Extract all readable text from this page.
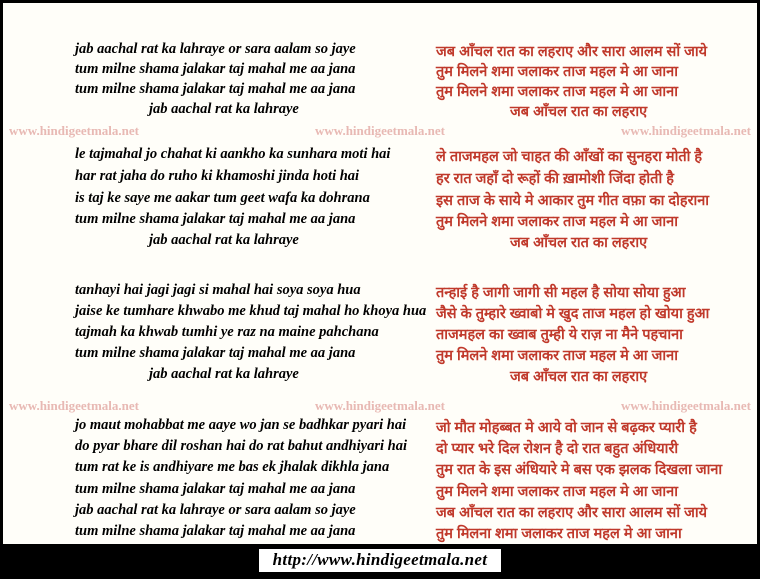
jab aachal rat ka lahraye or sara aalam so jaye
tum milne shama jalakar taj mahal me aa jana
tum milne shama jalakar taj mahal me aa jana
jab aachal rat ka lahraye
le tajmahal jo chahat ki aankho ka sunhara moti hai
har rat jaha do ruho ki khamoshi jinda hoti hai
is taj ke saye me aakar tum geet wafa ka dohrana
tum milne shama jalakar taj mahal me aa jana
jab aachal rat ka lahraye
tanhayi hai jagi jagi si mahal hai soya soya hua
jaise ke tumhare khwabo me khud taj mahal ho khoya hua
tajmah ka khwab tumhi ye raz na maine pahchana
tum milne shama jalakar taj mahal me aa jana
jab aachal rat ka lahraye
jo maut mohabbat me aaye wo jan se badhkar pyari hai
do pyar bhare dil roshan hai do rat bahut andhiyari hai
tum rat ke is andhiyare me bas ek jhalak dikhla jana
tum milne shama jalakar taj mahal me aa jana
jab aachal rat ka lahraye or sara aalam so jaye
tum milne shama jalakar taj mahal me aa jana
जब आँचल रात का लहराए और सारा आलम सों जाये
तुम मिलने शमा जलाकर ताज महल मे आ जाना
तुम मिलने शमा जलाकर ताज महल मे आ जाना
जब आँचल रात का लहराए
ले ताजमहल जो चाहत की आँखों का सुनहरा मोती है
हर रात जहाँ दो रूहों की ख़ामोशी जिंदा होती है
इस ताज के साये मे आकार तुम गीत वफ़ा का दोहराना
तुम मिलने शमा जलाकर ताज महल मे आ जाना
जब आँचल रात का लहराए
तन्हाई है जागी जागी सी महल है सोया सोया हुआ
जैसे के तुम्हारे ख्वाबो मे खुद ताज महल हो खोया हुआ
ताजमहल का ख्वाब तुम्ही ये राज़ ना मैने पहचाना
तुम मिलने शमा जलाकर ताज महल मे आ जाना
जब आँचल रात का लहराए
जो मौत मोहब्बत मे आये वो जान से बढ़कर प्यारी है
दो प्यार भरे दिल रोशन है दो रात बहुत अंधियारी
तुम रात के इस अंधियारे मे बस एक झलक दिखला जाना
तुम मिलने शमा जलाकर ताज महल मे आ जाना
जब आँचल रात का लहराए और सारा आलम सों जाये
तुम मिलना शमा जलाकर ताज महल मे आ जाना
www.hindigeetmala.net	www.hindigeetmala.net	www.hindigeetmala.net
www.hindigeetmala.net	www.hindigeetmala.net	www.hindigeetmala.net
http://www.hindigeetmala.net
